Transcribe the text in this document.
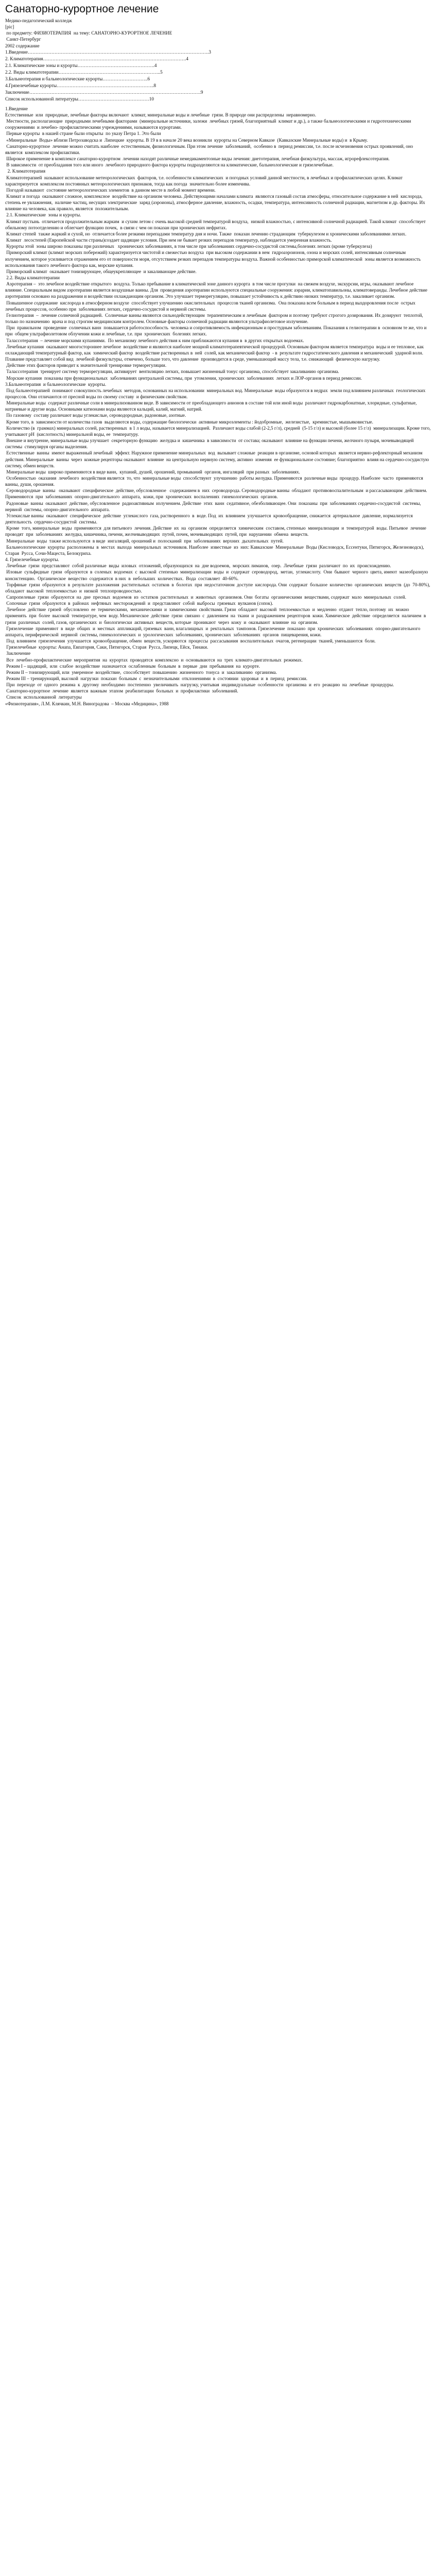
Санаторно-курортное лечение
Медико-педагогический колледж
[pic]
по предмету: ФИЗИОТЕРАПИЯ  на тему: САНАТОРНО-КУРОРТНОЕ ЛЕЧЕНИЕ
Санкт-Петербург
2002 содержание
1.Введение…………………………………………………………………………………………………….3
2. Климатотерапия……………………………………………………………………………….4
2.1. Климатические зоны и курорты………………………………………….4
2.2. Виды климатотерапии………………………………………………………..5
3.Бальнеотерапия и бальнеологические курорты………………………..6
4.Грязелечебные курорты……………………………………………………..8
Заключение……………………………………………………………………………………………….9
Список использованной литературы………………………………………10
1.Введение
Естественные  или  природные, лечебные факторы включают  климат, минеральные воды и лечебные  грязи. В природе они распределены  неравномерно.
Местности, располагающие  природными лечебными факторами  (минеральные источники, залежи  лечебных грязей, благоприятный  климат и др.), а также бальнеологическими и гидротехническими сооружениями  и лечебно- профилактическими учреждениями, называются курортами.
Первые курорты  в нашей стране были открыты  по указу Петра 1. Это были
«Минеральные  Воды» вблизи Петрозаводска и  Липецкие  курорты. В 19 в в начале 20 века возникли  курорты на Северном Кавказе  (Кавказские Минеральные воды) и  в Крыму.
Санаторно-курортное  лечение можно считать наиболее  естественным, физиологичным. При этом лечение  заболеваний,  особенно в  период ремиссии, т.е. после исчезновения острых проявлений, оно является  комплексом профилактики.
Широкое применение в комплексе санаторно-курортном  лечении находят различные немедикаментозные виды лечения: диетотерапия, лечебная физкультура, массаж, игрорефлексотерапия.
В зависимости  от преобладания того или иного  лечебного природного фактора курорты подразделяются на климатические, бальнеологические и грязелечебные.
2. Климатотерапия
Климатотерапией  называют использование метеорологических  факторов, т.е. особенности климатических  и погодных условий данной местности, в лечебных и профилактических целях. Климат характеризуется  комплексом постоянных метеорологических признаков, тогда как погода  значительно более изменчива.
Погодой называют  состояние метеорологических элементов  в данном месте в любой момент времени.
Климат и погода  оказывают сложное, комплексное  воздействие на организм человека. Действующими началами климата  являются газовый состав атмосферы, относительное содержание в ней  кислорода, степень ее увлажнения,  наличие частиц, несущих электрические  заряд (аэроионы), атмосферное давление, влажность, осадки, температура, интенсивность солнечной радиации, магнетизм и др. факторы. Их влияние на человека, как правило, является  положительным.
2.1. Климатические  зоны и курорты.
Климат пустынь  отличается продолжительным жарким  и сухим летом с очень высокой средней температурой воздуха,  низкой влажностью, с интенсивной солнечной радиацией. Такой климат  способствует обильному потоотделению и облегчает функцию почек,  в связи с чем он показан при хронических нефритах.
Климат степей  также жаркий и сухой, но  отличается более резкими перепадами температур дня и ночи. Также  показан лечению страдающим  туберкулезом и хроническими заболеваниями легких.
Климат  лесостепей (Европейской части страны)создает щадящие условия. При нем не бывает резких перепадов температур, наблюдается умеренная влажность.
Курорты этой  зоны широко показаны при различных   хронических заболеваниях, в том числе при заболеваниях сердечно-сосудистой системы,болезнях легких (кроме туберкулеза)
Приморский климат (климат морских побережий) характеризуется чистотой и свежестью воздуха  при высоком содержании в нем  гидроаэроионов, озона и морских солей, интенсивным солнечным излучением, которое усиливается отражением его от поверхности моря, отсутствием резких перепадов температуры воздуха. Важной особенностью приморской климатической  зоны является возможность использования такого лечебного фактора как, морские купания.
Приморский климат  оказывает тонизирующее, общеукрепляющее  и закаливающее действие.
2.2. Виды климатотерапии
Аэротерапия –  это лечебное воздействие открытого  воздуха. Только пребывание в климатической зоне данного курорта  в том числе прогулки  на свежем воздухе, экскурсии, игры, оказывают лечебное влияние. Специальным видом аэротерапии является воздушные ванны. Для  проведения аэротерапии используются специальные сооружения: аэрарии, климатопавильоны, климатоверанды. Лечебное действие аэротерапии основано на раздражении и воздействии охлаждающим организм. Это улучшает терморегуляцию, повышает устойчивость к действию низких температур, т.е. закаливает организм.
Повышенное содержание  кислорода в атмосферном воздухе  способствует улучшению окислительных  процессов тканей организма.  Она показана всем больным в период выздоровления после  острых  лечебных процессов, особенно при  заболеваниях легких, сердечно-сосудистой и нервной системы.
Гелиотерапия  –  лечение солнечной радиацией.  Солнечные ванны являются сильнодействующим  терапевтическим и лечебным  фактором и поэтому требуют строгого дозирования. Их дозируют  теплотой, только по назначению  врача и под строгим медицинским контролем. Основные факторы солнечной радиации являются ультрафиолетовое излучение.
При  правильном  проведение  солнечных ванн  повышается работоспособность  человека и сопротивляемость инфекционным и простудным заболеваниям. Показания к гелиотерапии в  основном те же, что и при  общем ультрафиолетовом облучении кожи и лечебные, т.е. при  хронических  болезнях легких.
Талассотерапия  – лечение морскими купаниями.  По механизму лечебного действия к ним приближаются купания в  в других открытых водоемах.
Лечебные купания  оказывают многостороннее лечебное  воздействие и являются наиболее мощной климатотерапевтической процедурой. Основным фактором является температура  воды и ее тепловое, как охлаждающий температурный фактор, как  химический фактор  воздействие растворенных в  ней  солей, как механический фактор  - в  результате гидростатического давления и механический  ударной волн. Плавание представляет собой вид  лечебной физкультуры, отмечено, больше того, что давление  производится в среде, уменьшающий массу тела, т.е. снижающий  физическую нагрузку.
Действие этих факторов приводит к значительной тренировке терморегуляции.
Талассотерапия  тренирует систему терморегуляции, активирует  вентиляцию легких, повышает жизненный тонус организма, способствует закаливанию организма.
Морские купания  показаны при функциональных  заболеваниях центральной системы, при  утомлении, хронических  заболеваниях  легких и ЛОР-органов в период ремиссии.
3.Бальнеотерапия  и бальнеологические  курорты.
Под бальнеотерапией  понимают совокупность лечебных  методов, основанных на использовании  минеральных вод. Минеральные  воды образуются в недрах  земли под влиянием различных  геологических  процессов. Они отличаются от пресной воды по своему составу  и физическим свойствам.
Минеральные воды  содержат различные соли в минерализованном виде. В зависимости от преобладающего анионов в составе той или иной воды  различают гидрокарбонатные, хлоридные, сульфатные, натриевые и другие воды. Основными катионами воды являются кальций, калий, магний, натрий.
По газовому  составу различают воды углекислые, сероводородные, радоновые, азотные.
Кроме того, в  зависимости от количества газов  выделяются воды, содержащие биологически  активные микроэлементы : йодобромные,  железистые,  кремнистые, мышьяковистые.
Количество (в  граммах) минеральных солей, растворенных  в 1 л воды, называется минерализацией.  Различают воды слабой (2-2,5 г/л), средней  (5-15 г/л) и высокой (более 15 г/л)  минерализации. Кроме того, учитывают pH  (кислотность) минеральной воды, ее  температуру.
Внешне и внутренне, минеральные воды улучшает  секреторную функцию  желудка и  кишечника  в зависимости  от состава; оказывают  влияние на функции печени, желчного пузыря, мочевыводящей системы  стимулируя органы выделения.
Естественные  ванны  имеют выраженный лечебный  эффект. Наружное применение минеральных  вод  вызывает сложные  реакции в организме, основой которых  является нервно-рефлекторный механизм действия. Минеральные  ванны  через  кожные рецепторы оказывают  влияние  на центральную нервную систему, активно  изменяя  ее функциональное состояние; благоприятно  влияя на сердечно-сосудистую систему, обмен веществ.
Минеральные воды  широко применяются в виде ванн,  купаний, душей, орошений, промываний  органов, ингаляций  при разных  заболеваниях.
Особенностью  оказания  лечебного  воздействия является  то, что  минеральные воды  способствуют  улучшению  работы желудка. Применяются  различные виды  процедур. Наиболее  часто  применяются  ванны, души, орошения.
Сероводородные  ванны   оказывают  специфическое  действие, обусловленное   содержанием в  них  сероводорода. Сероводородные ванны  обладают  противовоспалительным  и рассасывающим  действием. Применяются  при  заболеваниях  опорно-двигательного  аппарата,  кожи, при  хронических  воспалениях  гинекологических  органов.
Радоновые  ванны  оказывают  действие, обусловленное  радиоактивным  излучением. Действие  этих  ванн  седативное, обезболивающее. Они  показаны  при  заболеваниях сердечно-сосудистой  системы, нервной  системы, опорно-двигательного  аппарата.
Углекислые ванны  оказывают  специфическое  действие  углекислого  газа, растворенного  в  воде. Под  их  влиянием  улучшается  кровообращение, снижается  артериальное  давление, нормализуется  деятельность  сердечно-сосудистой  системы.
Кроме  того, минеральные  воды  применяются  для питьевого  лечения. Действие  их  на  организм  определяется  химическим  составом, степенью  минерализации  и  температурой  воды. Питьевое  лечение  проводят  при  заболеваниях  желудка, кишечника, печени, желчевыводящих  путей, почек, мочевыводящих  путей, при  нарушении  обмена  веществ.
Минеральные  воды  также используются  в виде  ингаляций, орошений и  полосканий  при  заболеваниях  верхних  дыхательных  путей.
Бальнеологические  курорты  расположены  в  местах  выхода  минеральных  источников. Наиболее  известные  из  них: Кавказские  Минеральные  Воды (Кисловодск, Ессентуки, Пятигорск, Железноводск), Старая  Русса, Сочи-Мацеста, Белокуриха.
4. Грязелечебные курорты.
Лечебные  грязи  представляют  собой различные  виды  иловых  отложений, образующихся  на  дне водоемов,  морских лиманов,  озер.  Лечебные  грязи  различают  по  их  происхождению.
Иловые  сульфидные  грязи  образуются  в  соленых  водоемах  с  высокой  степенью  минерализации  воды  и  содержат  сероводород,  метан,  углекислоту.  Они  бывают  черного  цвета, имеют  мазеобразную  консистенцию.  Органическое  вещество  содержится  в них  в  небольших  количествах.  Вода  составляет  40-60%.
Торфяные  грязи  образуются  в  результате  разложения  растительных  остатков  в  болотах  при  недостаточном  доступе  кислорода. Они  содержат  большое  количество  органических  веществ  (до  70-80%), обладают  высокой  теплоемкостью  и  низкой  теплопроводностью.
Сапропелевые  грязи  образуются  на  дне  пресных  водоемов  из  остатков  растительных  и  животных  организмов. Они  богаты  органическими  веществами, содержат  мало  минеральных  солей.
Сопочные  грязи  образуются  в  районах  нефтяных  месторождений  и  представляют  собой  выбросы  грязевых  вулканов (сопок).
Лечебное  действие  грязей  обусловлено  ее  термическими,  механическими  и  химическими  свойствами. Грязи  обладают  высокой  теплоемкостью  и  медленно  отдают  тепло, поэтому  их  можно  применять  при  более  высокой  температуре, чем  воду. Механическое  действие  грязи  связано  с  давлением  на  ткани  и  раздражением  рецепторов  кожи. Химическое  действие  определяется  наличием  в  грязи  различных  солей, газов, органических  и  биологически  активных  веществ, которые  проникают  через  кожу  и  оказывают  влияние  на  организм.
Грязелечение  применяют  в  виде  общих  и  местных  аппликаций, грязевых  ванн, влагалищных  и  ректальных  тампонов. Грязелечение  показано  при  хронических  заболеваниях  опорно-двигательного  аппарата, периферической  нервной  системы, гинекологических  и  урологических  заболеваниях, хронических  заболеваниях  органов  пищеварения, кожи.
Под  влиянием  грязелечения  улучшается  кровообращение, обмен  веществ, ускоряются  процессы  рассасывания  воспалительных  очагов, регенерации  тканей, уменьшаются  боли.
Грязелечебные  курорты: Анапа, Евпатория, Саки, Пятигорск, Старая  Русса, Липецк, Ейск, Тинаки.
Заключение
Все  лечебно-профилактические  мероприятия  на  курортах  проводятся  комплексно  и  основываются  на  трех  климато-двигательных  режимах.
Режим I – щадящий,  или  слабое  воздействие  назначается  ослабленным  больным  в  первые  дни  пребывания  на  курорте.
Режим II – тонизирующий, или  умеренное  воздействие,  способствует  повышению  жизненного  тонуса  и  закаливанию  организма.
Режим III – тренирующий, высокой  нагрузки  показан  больным  с  незначительными  отклонениями  в  состоянии  здоровья  и  в  период  ремиссии.
При  переходе  от  одного  режима  к  другому  необходимо  постепенно  увеличивать  нагрузку, учитывая  индивидуальные  особенности  организма  и  его  реакцию  на  лечебные  процедуры.
Санаторно-курортное  лечение  является  важным  этапом  реабилитации  больных  и  профилактики  заболеваний.
Список  использованной  литературы
«Физиотерапия», Л.М. Клячкин, М.Н. Виноградова  – Москва «Медицина», 1988
